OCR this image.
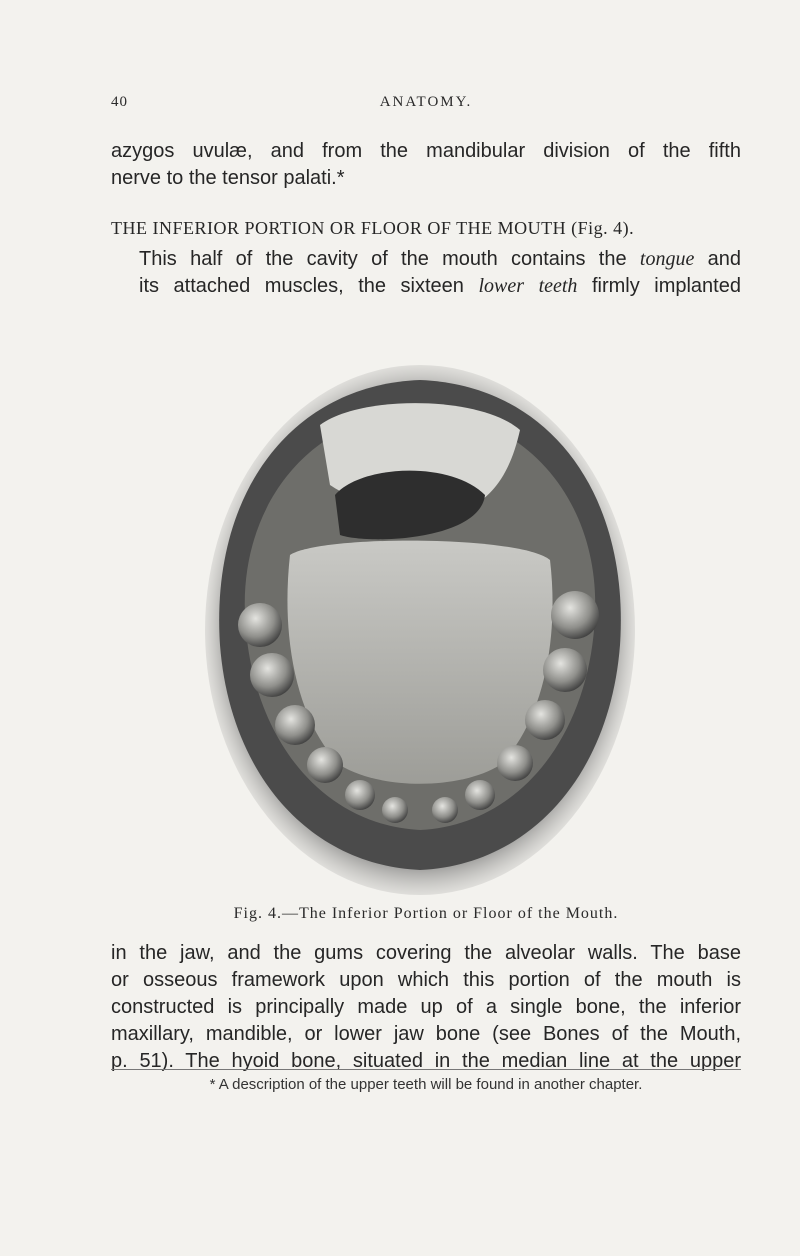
40	ANATOMY.
azygos uvulæ, and from the mandibular division of the fifth
nerve to the tensor palati.*
THE INFERIOR PORTION OR FLOOR OF THE MOUTH (Fig. 4).
This half of the cavity of the mouth contains the tongue and
its attached muscles, the sixteen lower teeth firmly implanted
Fig. 4.—The Inferior Portion or Floor of the Mouth.
in the jaw, and the gums covering the alveolar walls. The base
or osseous framework upon which this portion of the mouth is
constructed is principally made up of a single bone, the inferior
maxillary, mandible, or lower jaw bone (see Bones of the Mouth,
p. 51). The hyoid bone, situated in the median line at the upper
* A description of the upper teeth will be found in another chapter.
